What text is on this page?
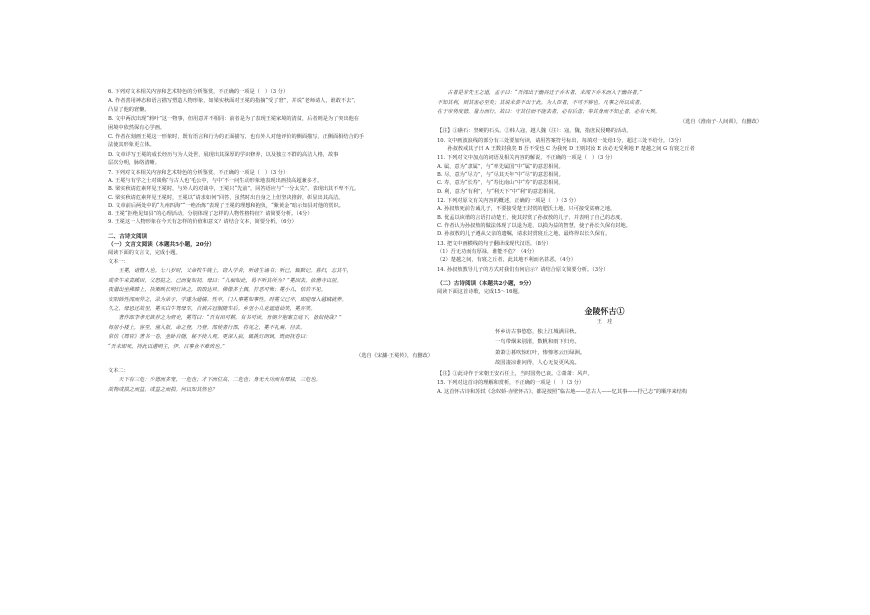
6. 下列对文本相关内容和艺术特色的分析鉴赏，不正确的一项是（　）（3 分）
A. 作者善用神态和语言描写塑造人物形象，如梁实秋面对王冕的指摘“受了窘”，并说“老师请人，谁敢不去”，
凸显了他的窘懒。
B. 文中两次出现“莉叶”这一物事，但用意并不相同：前者是为了表现王冕家境的清贫，后者则是为了突出他在
困境中依然保有心学画。
C. 作者在刻画王冕这一形象时，既有语言和行为的正面描写，也有外人对他评价的侧面描写，正侧面相结合的手
法使其形象更立体。
D. 文章详写王冕的成长经历与为人处世，展现出其深厚的学识修养，以及独立不群的高洁人格，故事
层次分明，脉络清晰。
7. 下列对文本相关内容和艺术特色的分析鉴赏，不正确的一项是（　）（3 分）
A. 王冕与有学之士对谈称‘与古人也’毛公中，与中‘不一问生动形象地表现出画技高超兼多才。
B. 梁实秋请危素拜见王冕时，与外人的对谈中，王冕只“先前”，回答语应与“一分太尖”，表现出其不卑不亢。
C. 梁实秋请危素拜见王冕时，王冕以“请求如何”回答，虽然时出自身之上但坚决推辞，彰显出其高洁。
D. 文章前后两处中的“九州四海”“一绝冶炼”表现了王冕的理想和抱负，“紫黄金”暗示知县对他的赏识。
8. 王冕“拒绝见知县”的心理活动，分别体现了怎样的人物性格特征？请简要分析。（4分）
9. 王冕这一人物形象在今天有怎样的价值和意义？请结合文本，简要分析。（6分）
二、古诗文阅读
（一）文言文阅读（本题共5小题，20分）
阅读下面的文言文，完成小题。
文本一：
　　王冕，诸暨人也。七八岁时，父命牧牛陇上，窃入学舍，听诸生诵书；听已，辄默记。暮归，忘其牛，
或牵牛来责蹊田，父怒挞之，已而复如初。母曰：“儿痴如此，曷不听其所为？”冕因去，依僧寺以居。
夜潜出坐佛膝上，执策映长明灯读之，琅琅达旦。佛像多土偶，狞恶可怖；冕小儿，恬若不见。
安阳韩性闻而异之，录为弟子，学遂为通儒。性卒，门人事冕如事性。时冕父已卒，即迎母入越城就养。
久之，母思还故里，冕买白牛驾母车，自被古冠服随车后。乡里小儿竞遮道讪笑，冕亦笑。
　　著作郎李孝光欲荐之为府吏，冕骂曰：“吾有田可耕，有书可读，肯朝夕抱案立庭下，备奴使哉？”
每居小楼上，客至，僮入报，命之登，乃登。部使者行部，将见之，冕不礼焉，径去。
常仿《周官》著书一卷，坐卧自随，秘不使人观。更深人寂，辄挑灯朗讽，既而抚卷曰：
“吾未即死，持此以遇明主，伊、吕事业不难致也。”
（选自《宋濂·王冕传》，有删改）
文本二：
　　天下有三危：少德而多宠，一危也；才下而位高，二危也；身无大功而有厚禄，三危也。
故物或损之而益，或益之而损。何以知其然也？
　　古者是非先王之道，孟子曰：“吾闻出于幽谷迁于乔木者，未闻下乔木而入于幽谷者。”
不知其利，则其害必至矣；其说未尝不出于此。为人臣者，不可不察也。凡事之所以成者，
在于审势度德，量力而行。故曰：守其位而不能去者，必有后患；奉其身而不知止者，必有大殃。
（选自《淮南子·人间训》，有删改）
【注】①礁石：坚硬的石头。②韩人寇，越人魏（注）：寇，魏，指庶民侵略的活动。
10. 文中画波浪线的部分有三处要加句读，请用答案符号标出，每填对一处给1分，超过三处不给分。（3分）
　　孙叔敖戒其子曰 A 王数封我矣 B 吾不受也 C 为我死 D 王则封汝 E 汝必无受利地 F 楚越之间 G 有寝之丘者
11. 下列对文中加点的词语及相关内容的解说，不正确的一项是（　）（3 分）
A. 属，意为“隶属”，与“率先属国”中“属”的意思相同。
B. 尽，意为“尽力”，与“尽其天年”中“尽”的意思相同。
C. 寿，意为“长寿”，与“寿比南山”中“寿”的意思相同。
D. 利，意为“有利”，与“利天下”中“利”的意思相同。
12. 下列对原文有关内容的概述，正确的一项是（　）（3 分）
A. 孙叔敖死前告诫儿子，不要接受楚王封赏的肥沃土地，只可接受贫瘠之地。
B. 优孟以诙谐的言语打动楚王，使其封赏了孙叔敖的儿子，并表明了自己的态度。
C. 作者认为孙叔敖的做法体现了以退为进、以损为益的智慧，使子孙长久保有封地。
D. 孙叔敖的儿子遵从父亲的遗嘱，请求封赏寝丘之地，最终得以长久保有。
13. 把文中画横线的句子翻译成现代汉语。（8分）
（1）吾无功而有厚禄，谁能不危？（4分）
（2）楚越之间，有寝之丘者，此其地不利而名甚恶。（4分）
14. 孙叔敖教导儿子的方式对我们有何启示？请结合原文简要分析。（3分）
（二）古诗阅读（本题共2小题，9分）
阅读下面这首诗歌，完成15～16题。
金陵怀古①
王　珪
怀乡访古事悠悠，独上江城满目秋。
一鸟带烟来别渚，数帆和雨下归舟。
萧萧②暮吹惊红叶，惨惨寒云压绿洲。
故国凄凉谁问得，人心无复更风流。
【注】①此诗作于宋朝王安石任上，当时国势已衰。②萧萧：风声。
15. 下列对这首诗的理解和赏析，不正确的一项是（　）（3 分）
A. 这首怀古诗和苏轼《念奴娇·赤壁怀古》，都是按照“临古地——思古人——忆其事——抒己志”的顺序来结构
